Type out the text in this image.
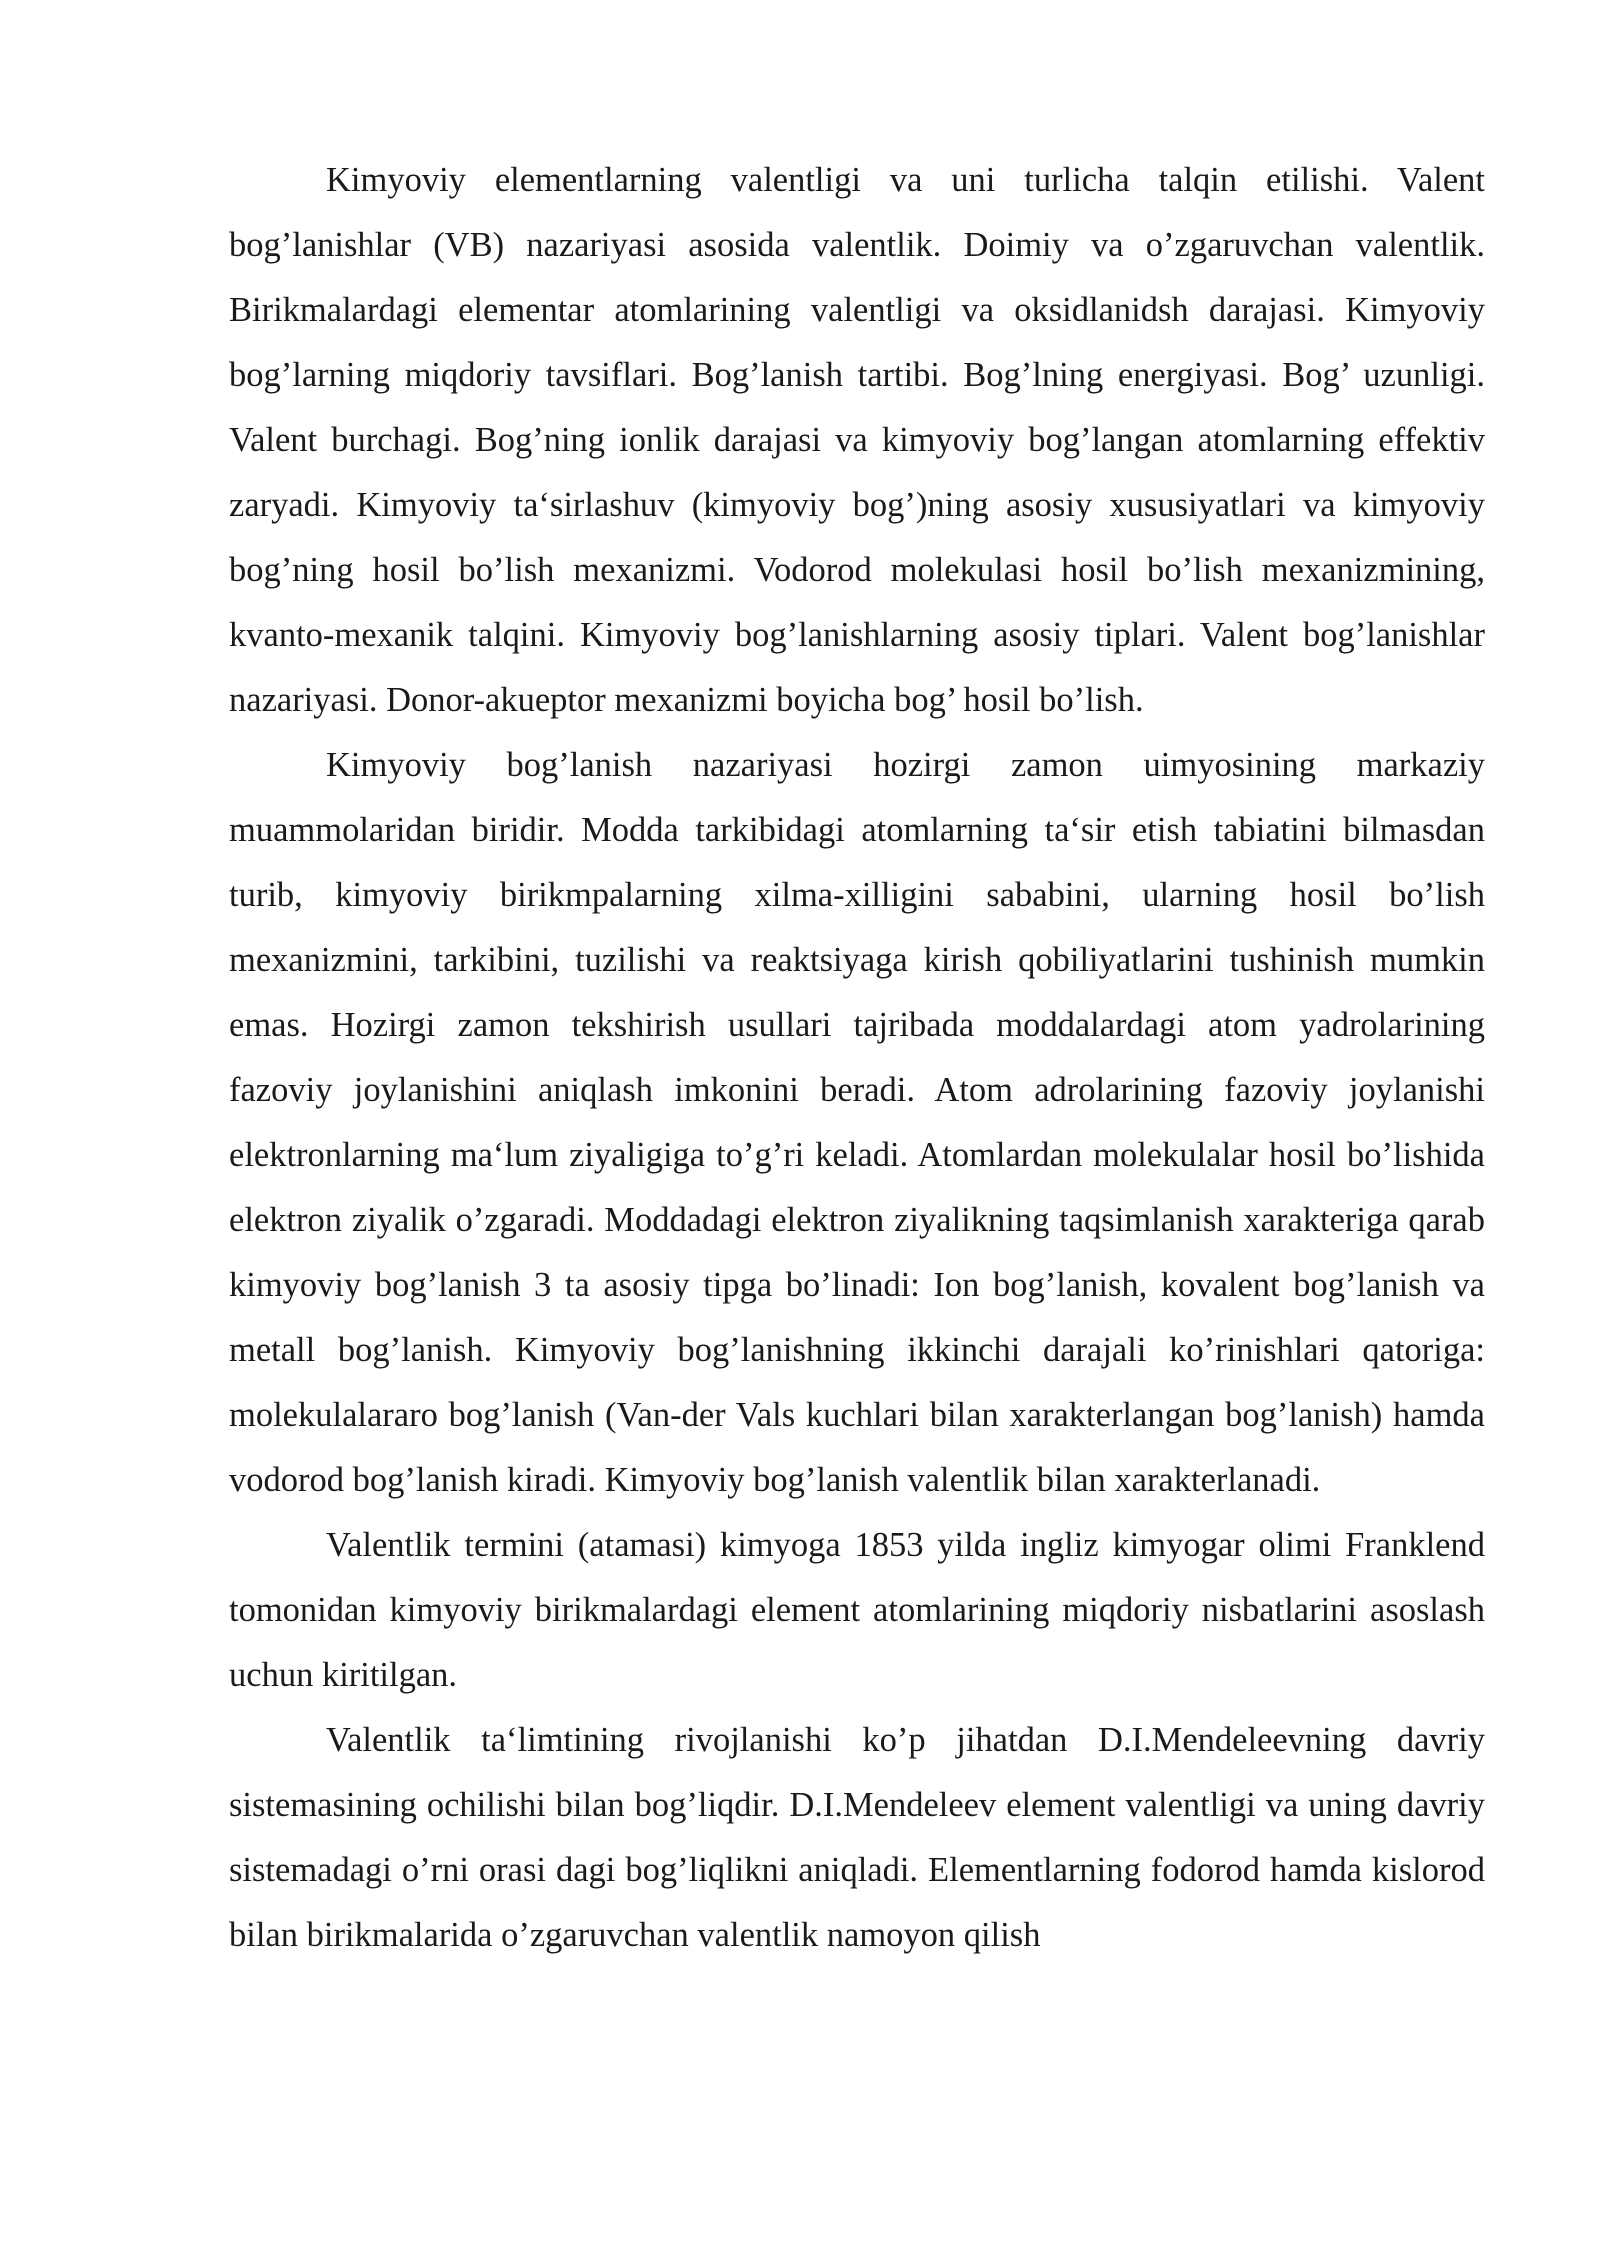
Kimyoviy elementlarning valentligi va uni turlicha talqin etilishi. Valent bog’lanishlar (VB) nazariyasi asosida valentlik. Doimiy va o’zgaruvchan valentlik. Birikmalardagi elementar atomlarining valentligi va oksidlanidsh darajasi. Kimyoviy bog’larning miqdoriy tavsiflari. Bog’lanish tartibi. Bog’lning energiyasi. Bog’ uzunligi. Valent burchagi. Bog’ning ionlik darajasi va kimyoviy bog’langan atomlarning effektiv zaryadi. Kimyoviy ta‘sirlashuv (kimyoviy bog’)ning asosiy xususiyatlari va kimyoviy bog’ning hosil bo’lish mexanizmi. Vodorod molekulasi hosil bo’lish mexanizmining, kvanto-mexanik talqini. Kimyoviy bog’lanishlarning asosiy tiplari. Valent bog’lanishlar nazariyasi. Donor-akueptor mexanizmi boyicha bog’ hosil bo’lish.

Kimyoviy bog’lanish nazariyasi hozirgi zamon uimyosining markaziy muammolaridan biridir. Modda tarkibidagi atomlarning ta‘sir etish tabiatini bilmasdan turib, kimyoviy birikmpalarning xilma-xilligini sababini, ularning hosil bo’lish mexanizmini, tarkibini, tuzilishi va reaktsiyaga kirish qobiliyatlarini tushinish mumkin emas. Hozirgi zamon tekshirish usullari tajribada moddalardagi atom yadrolarining fazoviy joylanishini aniqlash imkonini beradi. Atom adrolarining fazoviy joylanishi elektronlarning ma‘lum ziyaligiga to’g’ri keladi. Atomlardan molekulalar hosil bo’lishida elektron ziyalik o’zgaradi. Moddadagi elektron ziyalikning taqsimlanish xarakteriga qarab kimyoviy bog’lanish 3 ta asosiy tipga bo’linadi: Ion bog’lanish, kovalent bog’lanish va metall bog’lanish. Kimyoviy bog’lanishning ikkinchi darajali ko’rinishlari qatoriga: molekulalararo bog’lanish (Van-der Vals kuchlari bilan xarakterlangan bog’lanish) hamda vodorod bog’lanish kiradi. Kimyoviy bog’lanish valentlik bilan xarakterlanadi.

Valentlik termini (atamasi) kimyoga 1853 yilda ingliz kimyogar olimi Franklend tomonidan kimyoviy birikmalardagi element atomlarining miqdoriy nisbatlarini asoslash uchun kiritilgan.

Valentlik ta‘limtining rivojlanishi ko’p jihatdan D.I.Mendeleevning davriy sistemasining ochilishi bilan bog’liqdir. D.I.Mendeleev element valentligi va uning davriy sistemadagi o’rni orasi dagi bog’liqlikni aniqladi. Elementlarning fodorod hamda kislorod bilan birikmalarida o’zgaruvchan valentlik namoyon qilish
